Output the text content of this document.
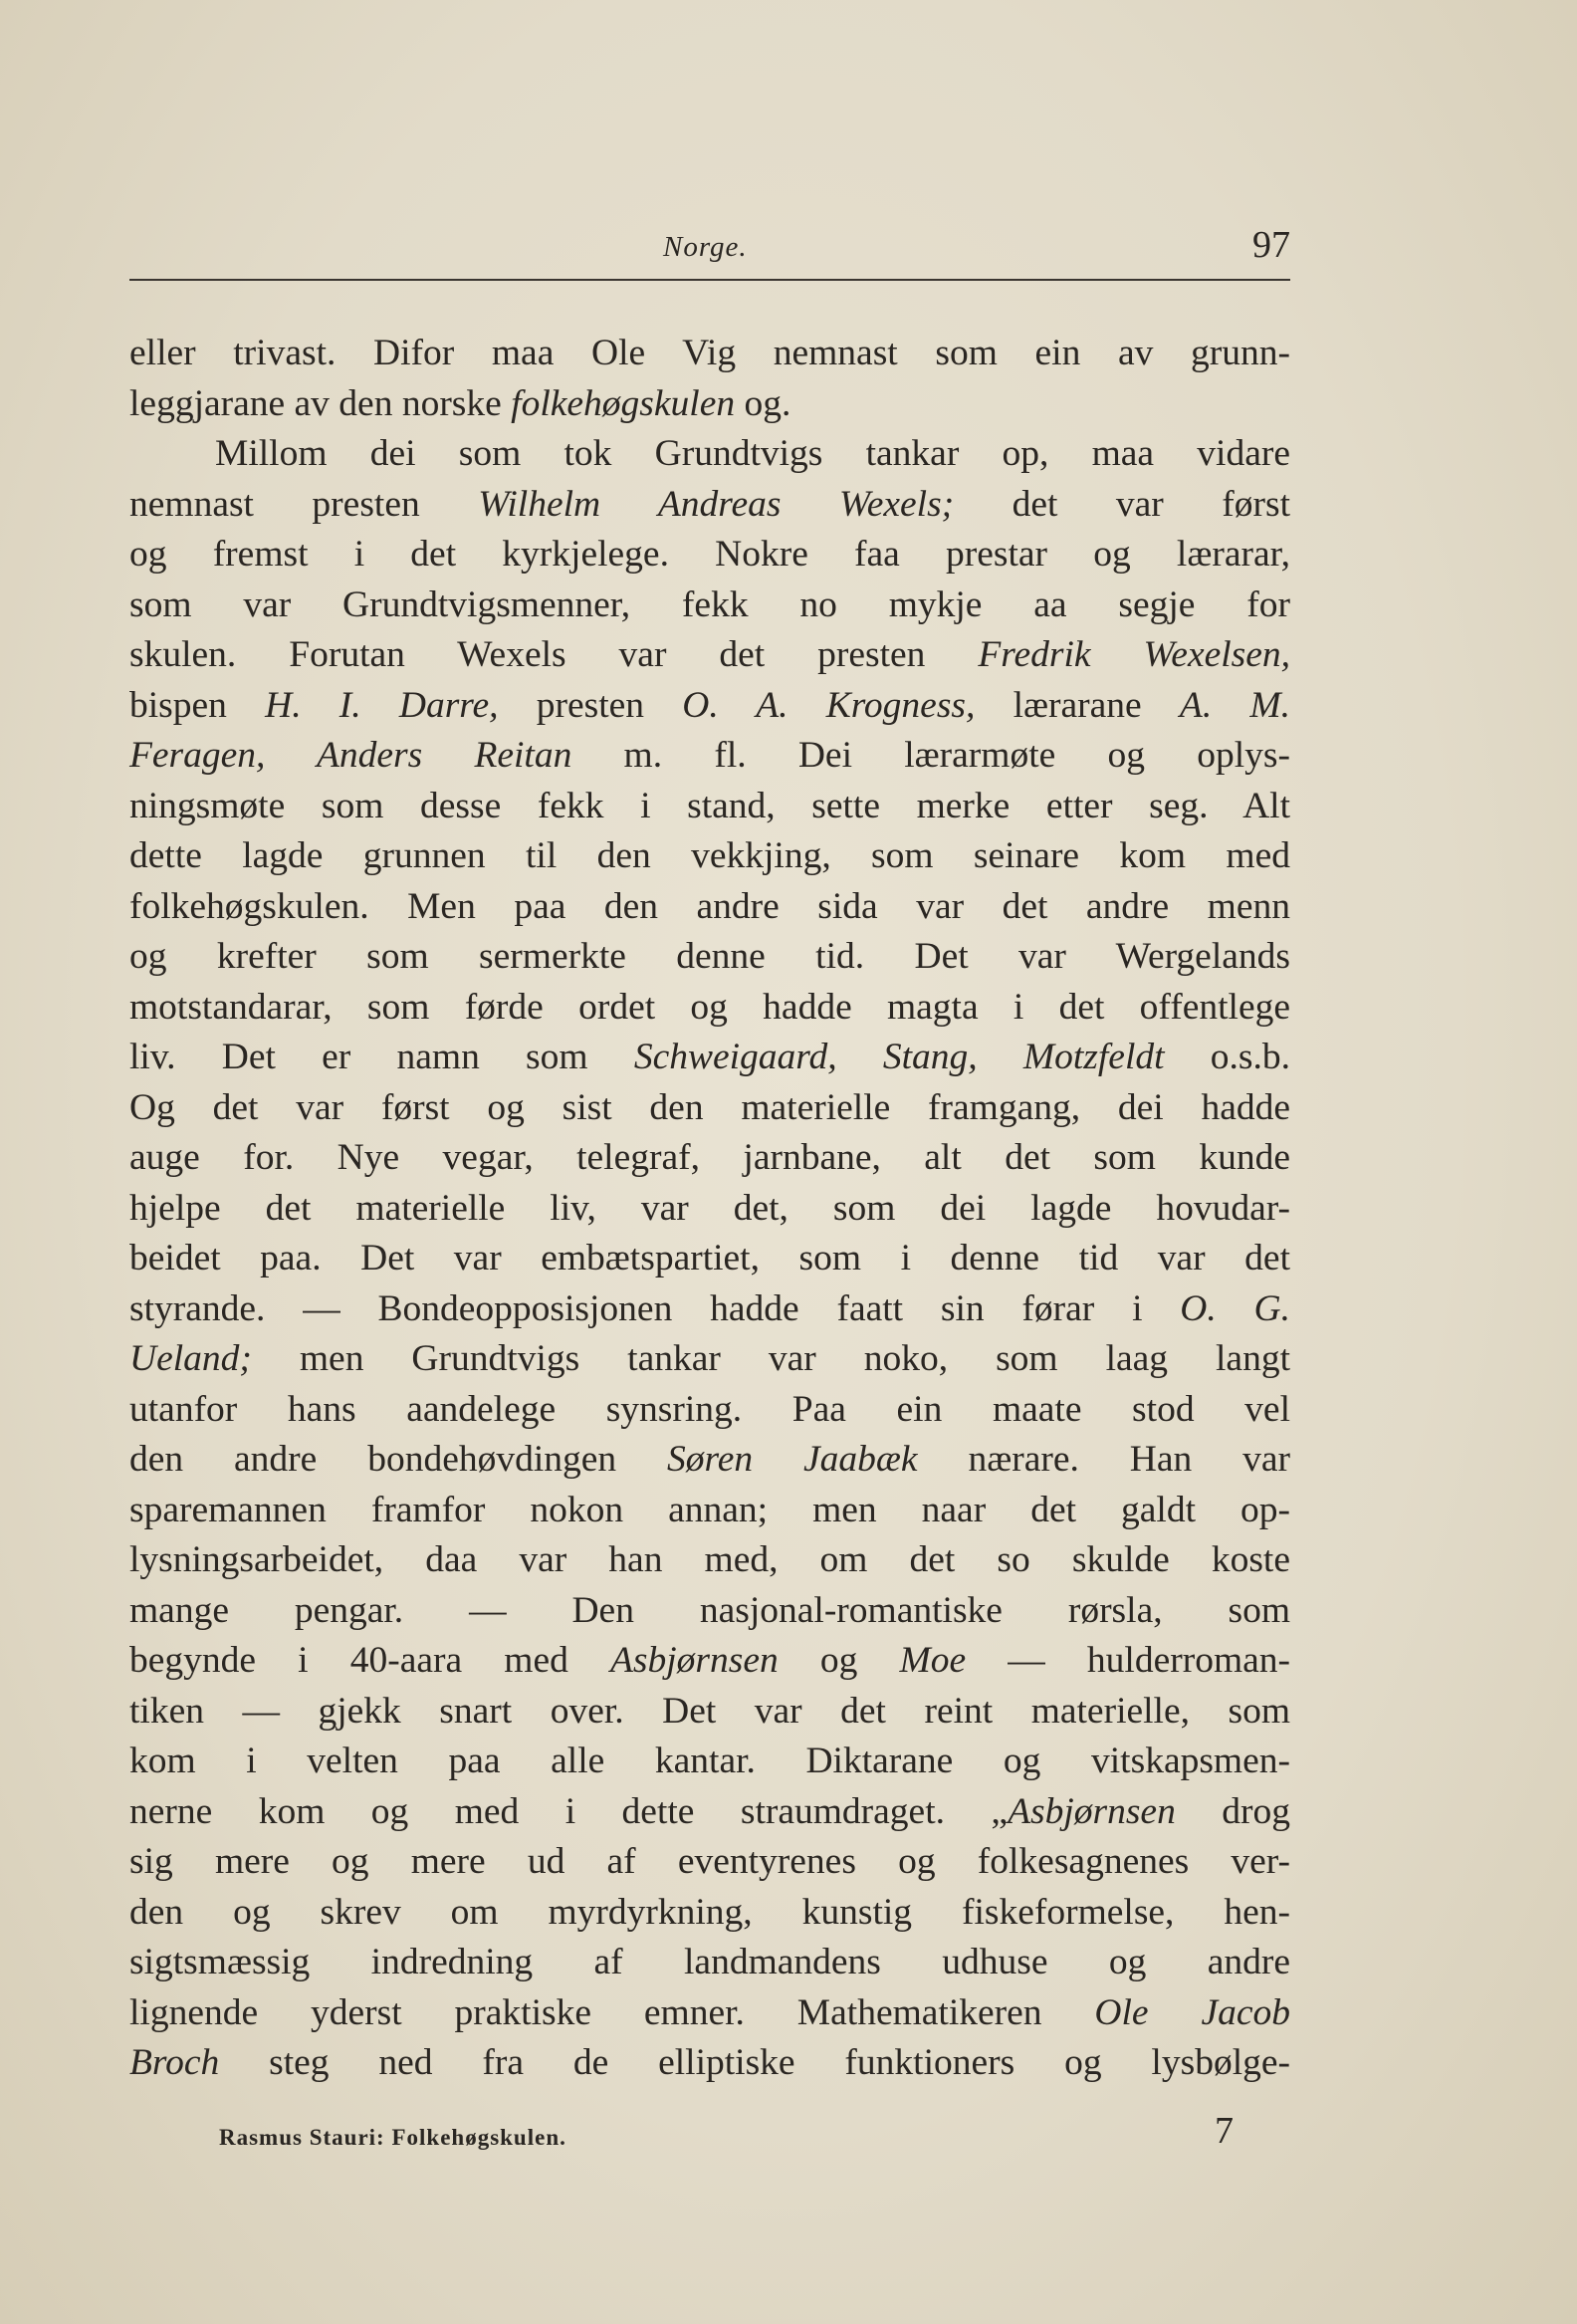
Norge.	97
eller trivast. Difor maa Ole Vig nemnast som ein av grunn-
leggjarane av den norske folkehøgskulen og.
Millom dei som tok Grundtvigs tankar op, maa vidare
nemnast presten Wilhelm Andreas Wexels; det var først
og fremst i det kyrkjelege. Nokre faa prestar og lærarar,
som var Grundtvigsmenner, fekk no mykje aa segje for
skulen. Forutan Wexels var det presten Fredrik Wexelsen,
bispen H. I. Darre, presten O. A. Krogness, lærarane A. M.
Feragen, Anders Reitan m. fl. Dei lærarmøte og oplys-
ningsmøte som desse fekk i stand, sette merke etter seg. Alt
dette lagde grunnen til den vekkjing, som seinare kom med
folkehøgskulen. Men paa den andre sida var det andre menn
og krefter som sermerkte denne tid. Det var Wergelands
motstandarar, som førde ordet og hadde magta i det offentlege
liv. Det er namn som Schweigaard, Stang, Motzfeldt o.s.b.
Og det var først og sist den materielle framgang, dei hadde
auge for. Nye vegar, telegraf, jarnbane, alt det som kunde
hjelpe det materielle liv, var det, som dei lagde hovudar-
beidet paa. Det var embætspartiet, som i denne tid var det
styrande. — Bondeopposisjonen hadde faatt sin førar i O. G.
Ueland; men Grundtvigs tankar var noko, som laag langt
utanfor hans aandelege synsring. Paa ein maate stod vel
den andre bondehøvdingen Søren Jaabæk nærare. Han var
sparemannen framfor nokon annan; men naar det galdt op-
lysningsarbeidet, daa var han med, om det so skulde koste
mange pengar. — Den nasjonal-romantiske rørsla, som
begynde i 40-aara med Asbjørnsen og Moe — hulderroman-
tiken — gjekk snart over. Det var det reint materielle, som
kom i velten paa alle kantar. Diktarane og vitskapsmen-
nerne kom og med i dette straumdraget. „Asbjørnsen drog
sig mere og mere ud af eventyrenes og folkesagnenes ver-
den og skrev om myrdyrkning, kunstig fiskeformelse, hen-
sigtsmæssig indredning af landmandens udhuse og andre
lignende yderst praktiske emner. Mathematikeren Ole Jacob
Broch steg ned fra de elliptiske funktioners og lysbølge-
Rasmus Stauri: Folkehøgskulen.	7
